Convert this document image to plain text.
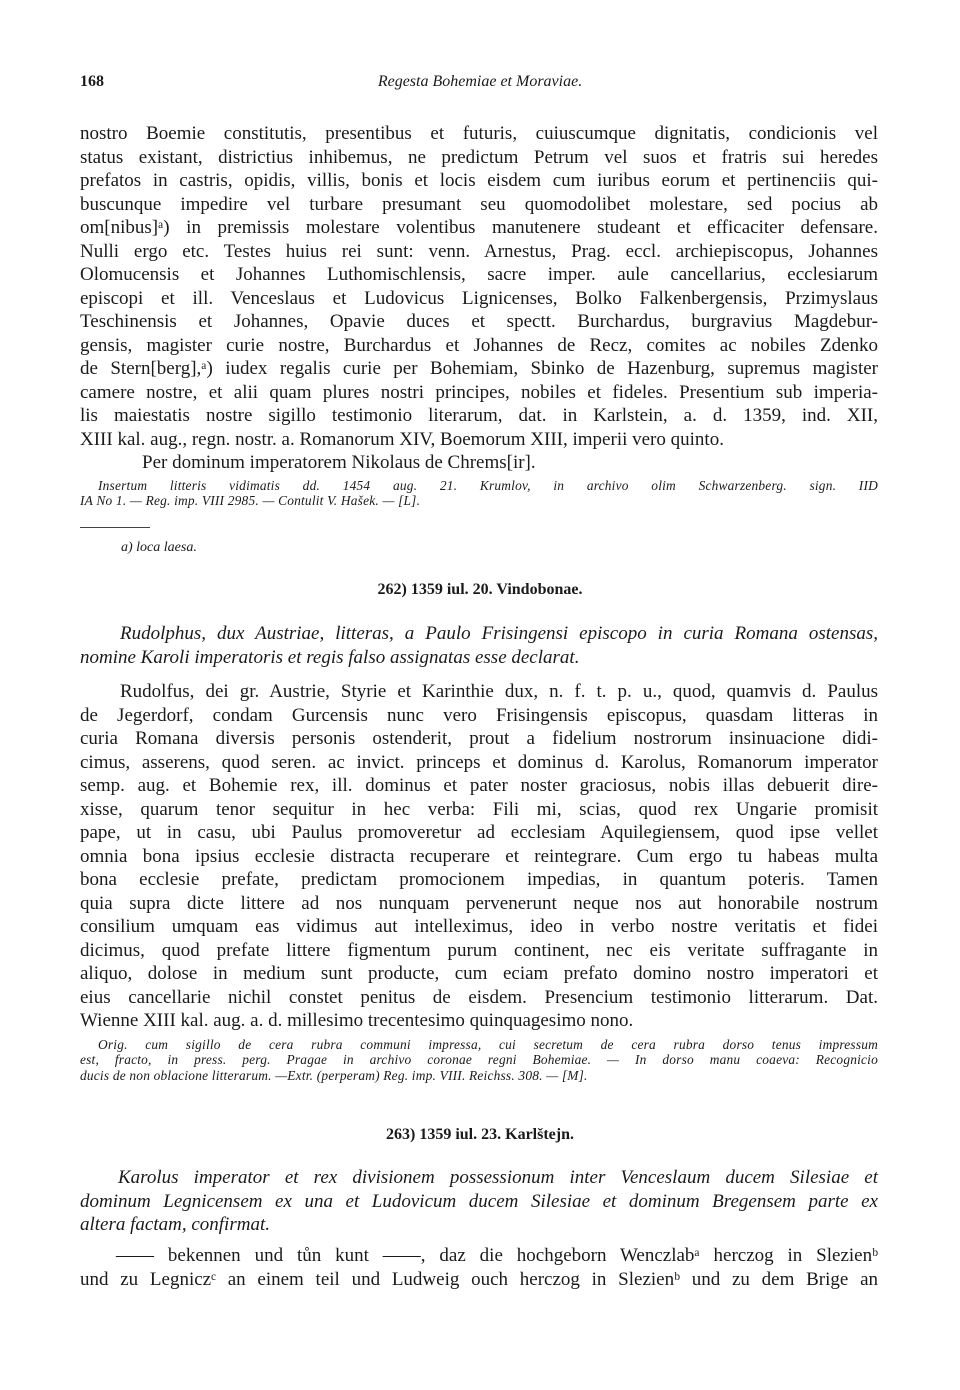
168	Regesta Bohemiae et Moraviae.
nostro Boemie constitutis, presentibus et futuris, cuiuscumque dignitatis, condicionis vel
status existant, districtius inhibemus, ne predictum Petrum vel suos et fratris sui heredes
prefatos in castris, opidis, villis, bonis et locis eisdem cum iuribus eorum et pertinenciis qui-
buscunque impedire vel turbare presumant seu quomodolibet molestare, sed pocius ab
om[nibus]ᵃ) in premissis molestare volentibus manutenere studeant et efficaciter defensare.
Nulli ergo etc. Testes huius rei sunt: venn. Arnestus, Prag. eccl. archiepiscopus, Johannes
Olomucensis et Johannes Luthomischlensis, sacre imper. aule cancellarius, ecclesiarum
episcopi et ill. Venceslaus et Ludovicus Lignicenses, Bolko Falkenbergensis, Przimyslaus
Teschinensis et Johannes, Opavie duces et spectt. Burchardus, burgravius Magdebur-
gensis, magister curie nostre, Burchardus et Johannes de Recz, comites ac nobiles Zdenko
de Stern[berg],ᵃ) iudex regalis curie per Bohemiam, Sbinko de Hazenburg, supremus magister
camere nostre, et alii quam plures nostri principes, nobiles et fideles. Presentium sub imperia-
lis maiestatis nostre sigillo testimonio literarum, dat. in Karlstein, a. d. 1359, ind. XII,
XIII kal. aug., regn. nostr. a. Romanorum XIV, Boemorum XIII, imperii vero quinto.
Per dominum imperatorem Nikolaus de Chrems[ir].
Insertum litteris vidimatis dd. 1454 aug. 21. Krumlov, in archivo olim Schwarzenberg. sign. IID
IA No 1. — Reg. imp. VIII 2985. — Contulit V. Hašek. — [L].
a) loca laesa.
262) 1359 iul. 20. Vindobonae.
Rudolphus, dux Austriae, litteras, a Paulo Frisingensi episcopo in curia Romana ostensas,
nomine Karoli imperatoris et regis falso assignatas esse declarat.
Rudolfus, dei gr. Austrie, Styrie et Karinthie dux, n. f. t. p. u., quod, quamvis d. Paulus
de Jegerdorf, condam Gurcensis nunc vero Frisingensis episcopus, quasdam litteras in
curia Romana diversis personis ostenderit, prout a fidelium nostrorum insinuacione didi-
cimus, asserens, quod seren. ac invict. princeps et dominus d. Karolus, Romanorum imperator
semp. aug. et Bohemie rex, ill. dominus et pater noster graciosus, nobis illas debuerit dire-
xisse, quarum tenor sequitur in hec verba: Fili mi, scias, quod rex Ungarie promisit
pape, ut in casu, ubi Paulus promoveretur ad ecclesiam Aquilegiensem, quod ipse vellet
omnia bona ipsius ecclesie distracta recuperare et reintegrare. Cum ergo tu habeas multa
bona ecclesie prefate, predictam promocionem impedias, in quantum poteris. Tamen
quia supra dicte littere ad nos nunquam pervenerunt neque nos aut honorabile nostrum
consilium umquam eas vidimus aut intelleximus, ideo in verbo nostre veritatis et fidei
dicimus, quod prefate littere figmentum purum continent, nec eis veritate suffragante in
aliquo, dolose in medium sunt producte, cum eciam prefato domino nostro imperatori et
eius cancellarie nichil constet penitus de eisdem. Presencium testimonio litterarum. Dat.
Wienne XIII kal. aug. a. d. millesimo trecentesimo quinquagesimo nono.
Orig. cum sigillo de cera rubra communi impressa, cui secretum de cera rubra dorso tenus impressum
est, fracto, in press. perg. Pragae in archivo coronae regni Bohemiae. — In dorso manu coaeva: Recognicio
ducis de non oblacione litterarum. —Extr. (perperam) Reg. imp. VIII. Reichss. 308. — [M].
263) 1359 iul. 23. Karlštejn.
Karolus imperator et rex divisionem possessionum inter Venceslaum ducem Silesiae et
dominum Legnicensem ex una et Ludovicum ducem Silesiae et dominum Bregensem parte ex
altera factam, confirmat.
—— bekennen und tůn kunt ——, daz die hochgeborn Wenczlabᵃ herczog in Slezienᵇ
und zu Legniczᶜ an einem teil und Ludweig ouch herczog in Slezienᵇ und zu dem Brige an
